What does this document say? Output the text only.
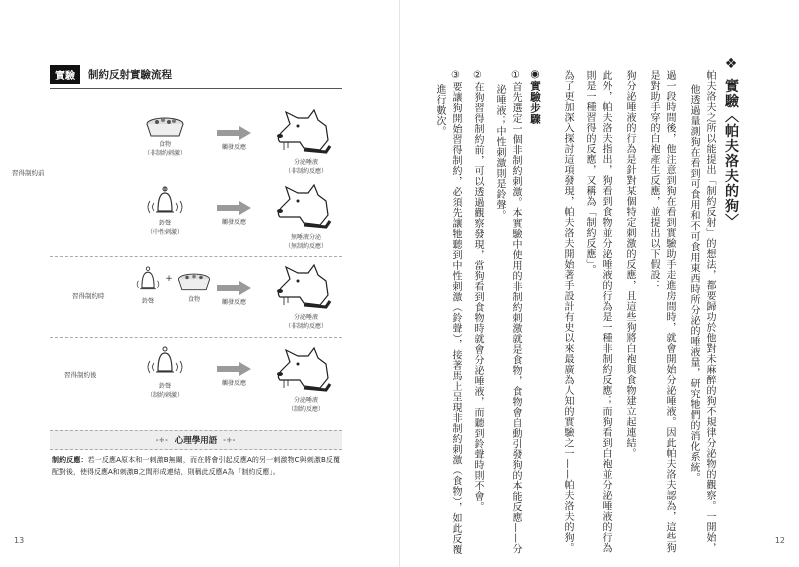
實驗	制約反射實驗流程
食物
（非制約刺激）
觸發反應
分泌唾液
（非制約反應）
習得制約前
鈴聲
（中性刺激）
觸發反應
無唾液分泌
（無制約反應）
習得制約時
鈴聲
+
食物	觸發反應
分泌唾液
（非制約反應）
習得制約後
鈴聲
（制約刺激）
觸發反應
分泌唾液
（制約反應）
-✢- 心理學用語 -✢-
制約反應：若一反應A原本和一刺激B無關，而在將會引起反應A的另一刺激物C與刺激B反覆配對後，使得反應A和刺激B之間形成連結，則稱此反應A為「制約反應」。
13
❖ 實驗〈帕夫洛夫的狗〉
帕夫洛夫之所以能提出「制約反射」的想法，都要歸功於他對未麻醉的狗不規律分泌物的觀察。一開始，
他透過量測狗在看到可食用和不可食用東西時所分泌的唾液量，研究牠們的消化系統。
過一段時間後，他注意到狗在看到實驗助手走進房間時，就會開始分泌唾液。因此帕夫洛夫認為，這些狗
是對助手穿的白袍產生反應，並提出以下假設：
狗分泌唾液的行為是針對某個特定刺激的反應，且這些狗將白袍與食物建立起連結。
此外，帕夫洛夫指出，狗看到食物並分泌唾液的行為是一種非制約反應；而狗看到白袍並分泌唾液的行為
則是一種習得的反應，又稱為「制約反應」。
為了更加深入探討這項發現，帕夫洛夫開始著手設計有史以來最廣為人知的實驗之一——帕夫洛夫的狗。
◉實驗步驟
①首先選定一個非制約刺激。本實驗中使用的非制約刺激就是食物，食物會自動引發狗的本能反應——分
泌唾液；中性刺激則是鈴聲。
②在狗習得制約前，可以透過觀察發現，當狗看到食物時就會分泌唾液，而聽到鈴聲時則不會。
③要讓狗開始習得制約，必須先讓牠聽到中性刺激（鈴聲），接著馬上呈現非制約刺激（食物），如此反覆
進行數次。
12
